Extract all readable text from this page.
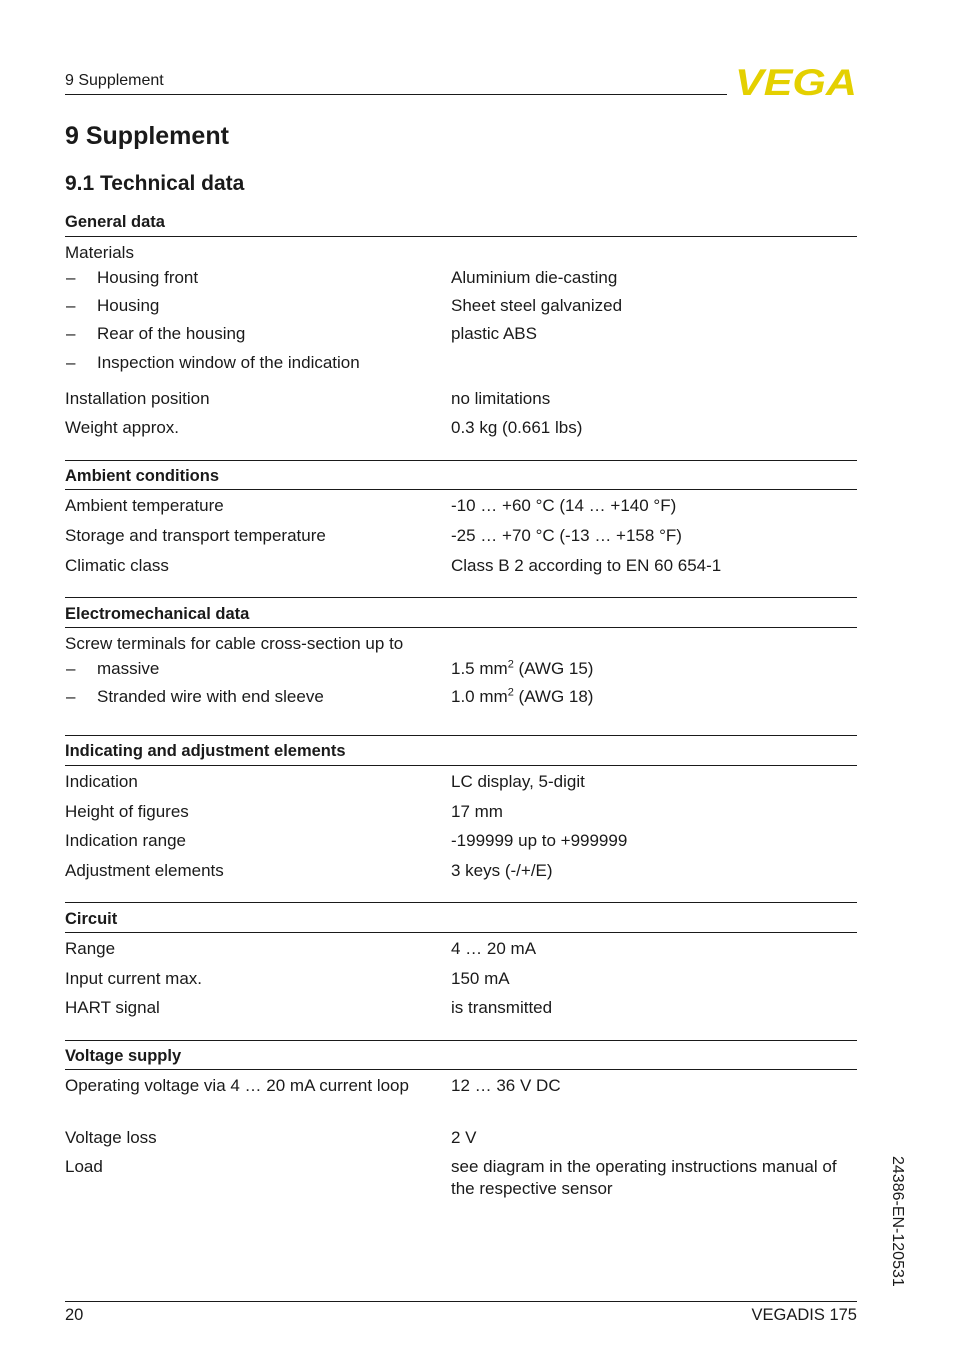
9 Supplement	VEGA
9 Supplement
9.1 Technical data
General data
Materials
– Housing front	Aluminium die-casting
– Housing	Sheet steel galvanized
– Rear of the housing	plastic ABS
– Inspection window of the indication
Installation position	no limitations
Weight approx.	0.3 kg (0.661 lbs)
Ambient conditions
Ambient temperature	-10 … +60 °C (14 … +140 °F)
Storage and transport temperature	-25 … +70 °C (-13 … +158 °F)
Climatic class	Class B 2 according to EN 60 654-1
Electromechanical data
Screw terminals for cable cross-section up to
– massive	1.5 $mm^2$ (AWG 15)
– Stranded wire with end sleeve	1.0 $mm^2$ (AWG 18)
Indicating and adjustment elements
Indication	LC display, 5-digit
Height of figures	17 mm
Indication range	-199999 up to +999999
Adjustment elements	3 keys (-/+/E)
Circuit
Range	4 … 20 mA
Input current max.	150 mA
HART signal	is transmitted
Voltage supply
Operating voltage via 4 … 20 mA current loop	12 … 36 V DC
Voltage loss	2 V
Load	see diagram in the operating instructions manual of the respective sensor	24386-EN-120531
20	VEGADIS 175
